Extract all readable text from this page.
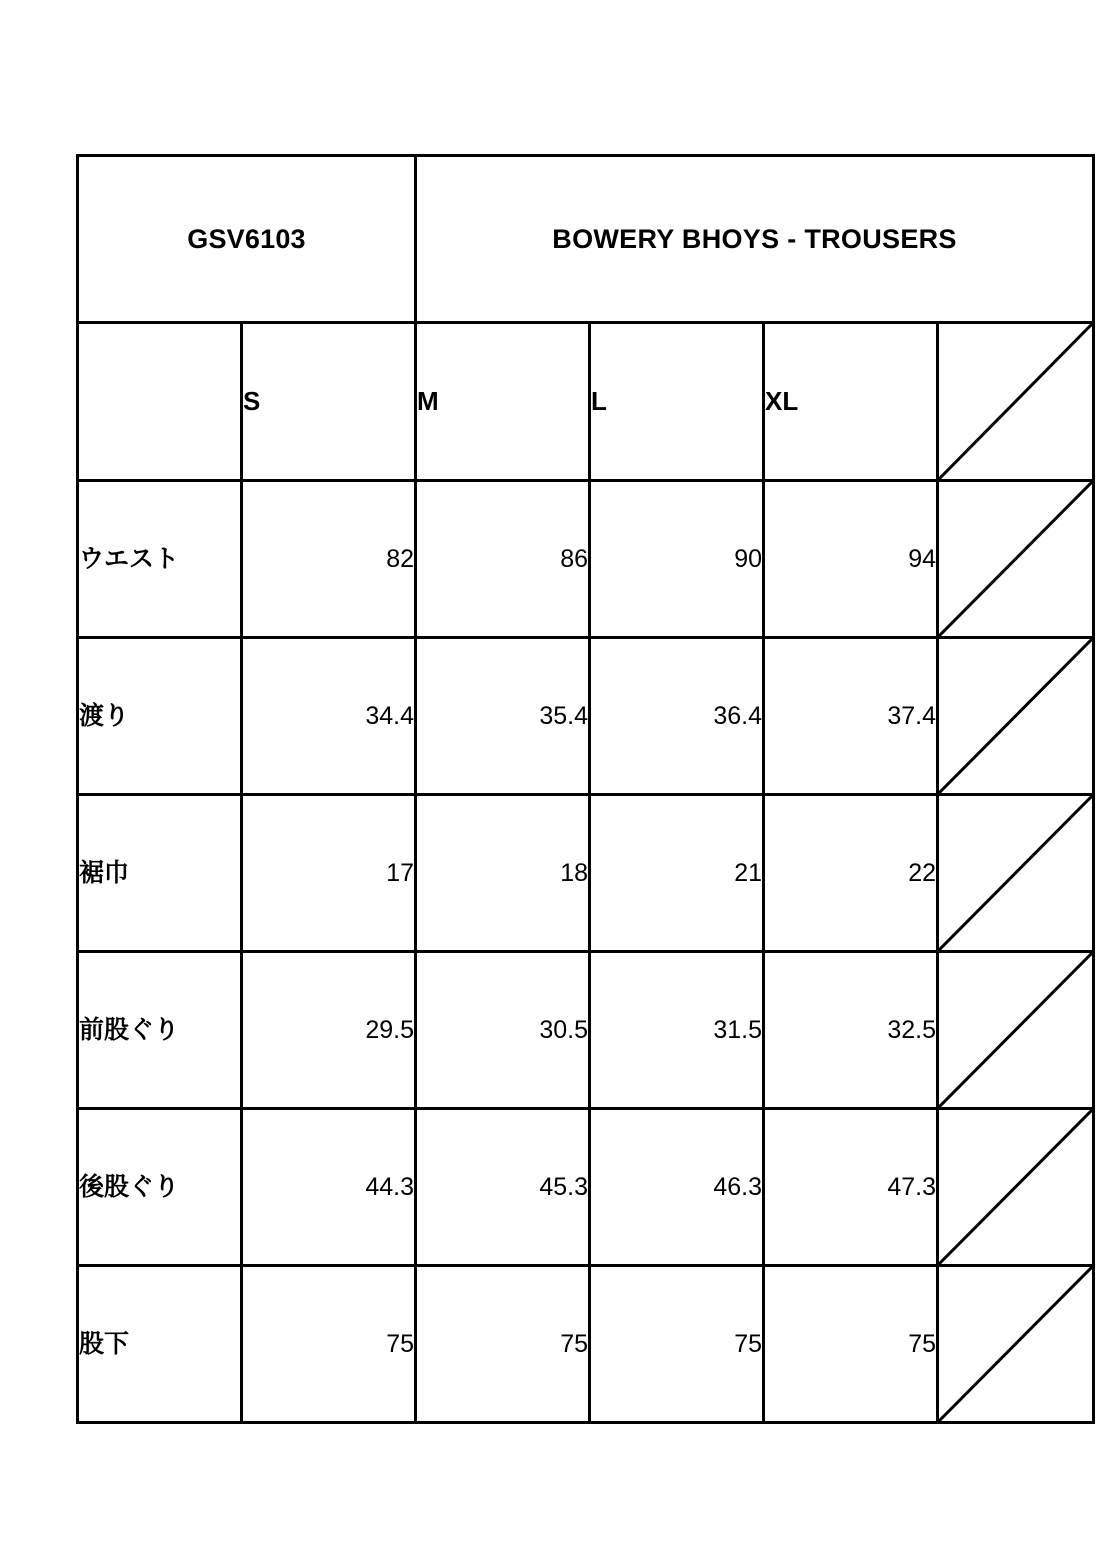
GSV6103		BOWERY BHOYS - TROUSERS			
	S	M	L	XL	

ウエスト	82	86	90	94	

渡り	34.4	35.4	36.4	37.4	

裾巾	17	18	21	22	

前股ぐり	29.5	30.5	31.5	32.5	

後股ぐり	44.3	45.3	46.3	47.3	

股下	75	75	75	75	
